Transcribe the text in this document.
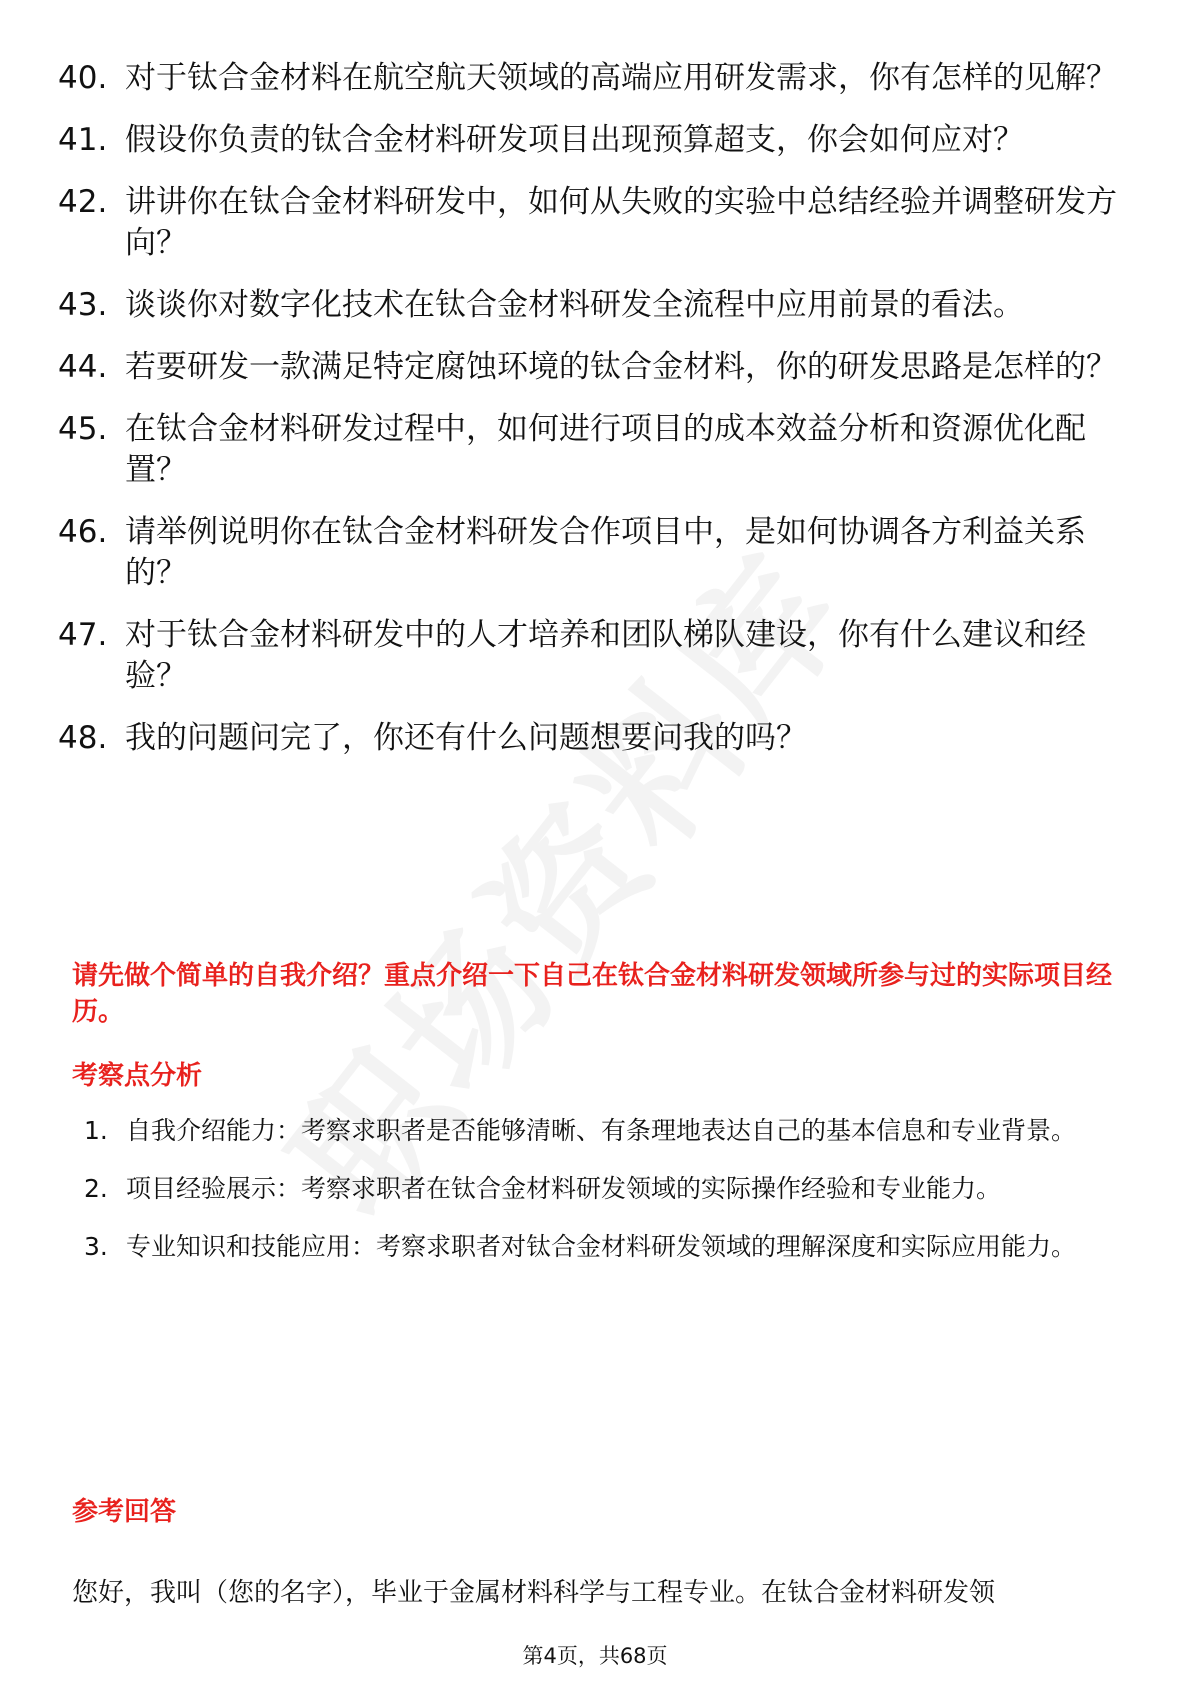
40. 对于钛合金材料在航空航天领域的高端应用研发需求，你有怎样的见解？
41. 假设你负责的钛合金材料研发项目出现预算超支，你会如何应对？
42. 讲讲你在钛合金材料研发中，如何从失败的实验中总结经验并调整研发方向？
43. 谈谈你对数字化技术在钛合金材料研发全流程中应用前景的看法。
44. 若要研发一款满足特定腐蚀环境的钛合金材料，你的研发思路是怎样的？
45. 在钛合金材料研发过程中，如何进行项目的成本效益分析和资源优化配置？
46. 请举例说明你在钛合金材料研发合作项目中，是如何协调各方利益关系的？
47. 对于钛合金材料研发中的人才培养和团队梯队建设，你有什么建议和经验？
48. 我的问题问完了，你还有什么问题想要问我的吗？
请先做个简单的自我介绍？重点介绍一下自己在钛合金材料研发领域所参与过的实际项目经历。
考察点分析
1. 自我介绍能力：考察求职者是否能够清晰、有条理地表达自己的基本信息和专业背景。
2. 项目经验展示：考察求职者在钛合金材料研发领域的实际操作经验和专业能力。
3. 专业知识和技能应用：考察求职者对钛合金材料研发领域的理解深度和实际应用能力。
参考回答
您好，我叫（您的名字），毕业于金属材料科学与工程专业。在钛合金材料研发领
第4页，共68页
